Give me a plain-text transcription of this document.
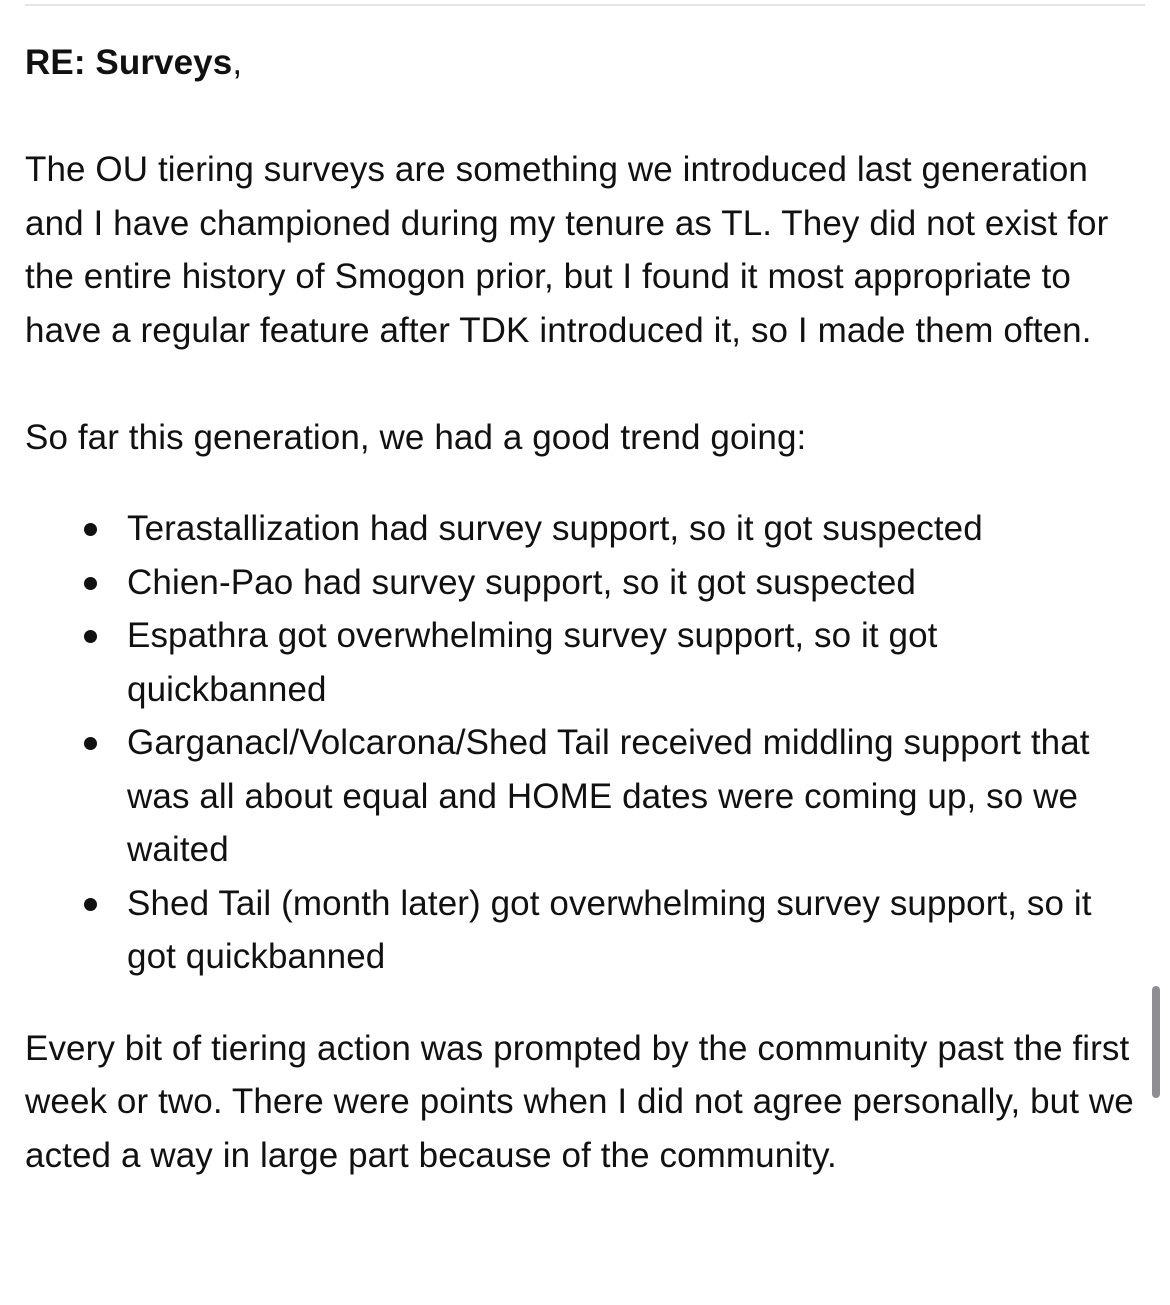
RE: Surveys,

The OU tiering surveys are something we introduced last generation and I have championed during my tenure as TL. They did not exist for the entire history of Smogon prior, but I found it most appropriate to have a regular feature after TDK introduced it, so I made them often.

So far this generation, we had a good trend going:

Terastallization had survey support, so it got suspected
Chien-Pao had survey support, so it got suspected
Espathra got overwhelming survey support, so it got quickbanned
Garganacl/Volcarona/Shed Tail received middling support that was all about equal and HOME dates were coming up, so we waited
Shed Tail (month later) got overwhelming survey support, so it got quickbanned

Every bit of tiering action was prompted by the community past the first week or two. There were points when I did not agree personally, but we acted a way in large part because of the community.
